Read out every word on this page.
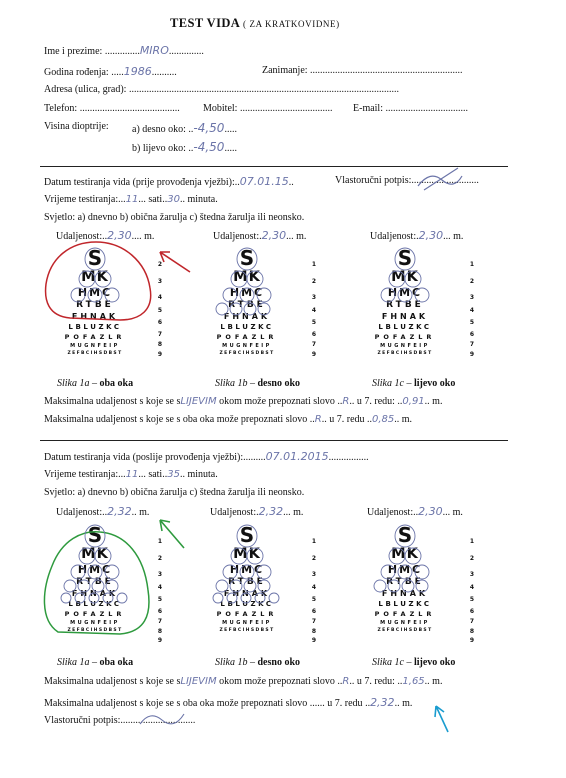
TEST VIDA ( ZA KRATKOVIDNE)
Ime i prezime: ..............MIRO..............
Godina rođenja: .....1986..........	Zanimanje: .............................................................
Adresa (ulica, grad): ............................................................................................................
Telefon: ........................................ Mobitel: ..................................... E-mail: .................................
Visina dioptrije: a) desno oko: ..-4,50.....
b) lijevo oko: ..-4,50.....
Datum testiranja vida (prije provođenja vježbi):..07.01.15..	Vlastoručni potpis:...........................
Vrijeme testiranja:...11... sati..30.. minuta.
Svjetlo: a) dnevno b) obična žarulja c) štedna žarulja ili neonsko.
Udaljenost:..2,30.... m.	Udaljenost:.2,30... m.	Udaljenost:.2,30... m.
S
MK
HMC
RTBE
FHNAK
LBLUZKC
POFAZLR
MUGNFEIP
ZEFBCIHSDBST
S
MK
HMC
RTBE
FHNAK
LBLUZKC
POFAZLR
MUGNFEIP
ZEFBCIHSDBST
S
MK
HMC
RTBE
FHNAK
LBLUZKC
POFAZLR
MUGNFEIP
ZEFBCIHSDBST
2
3
4
5
6
7
8
9
1
2
3
4
5
6
7
9
1
2
3
4
5
6
7
9
Slika 1a – oba oka	Slika 1b – desno oko	Slika 1c – lijevo oko
Maksimalna udaljenost s koje se sLIJEVIM okom može prepoznati slovo ..R.. u 7. redu: ..0,91.. m.
Maksimalna udaljenost s koje se s oba oka može prepoznati slovo ..R.. u 7. redu ..0,85.. m.
Datum testiranja vida (poslije provođenja vježbi):.........07.01.2015................
Vrijeme testiranja:...11... sati..35.. minuta.
Svjetlo: a) dnevno b) obična žarulja c) štedna žarulja ili neonsko.
Udaljenost:..2,32.. m.	Udaljenost:.2,32... m.	Udaljenost:..2,30... m.
S
MK
HMC
RTBE
FHNAK
LBLUZKC
POFAZLR
MUGNFEIP
ZEFBCIHSDBST
S
MK
HMC
RTBE
FHNAK
LBLUZKC
POFAZLR
MUGNFEIP
ZEFBCIHSDBST
S
MK
HMC
RTBE
FHNAK
LBLUZKC
POFAZLR
MUGNFEIP
ZEFBCIHSDBST
1
2
3
4
5
6
7
8
9
1
2
3
4
5
6
7
8
9
1
2
3
4
5
6
7
8
9
Slika 1a – oba oka	Slika 1b – desno oko	Slika 1c – lijevo oko
Maksimalna udaljenost s koje se sLIJEVIM okom može prepoznati slovo ..R.. u 7. redu: ..1,65.. m.
Maksimalna udaljenost s koje se s oba oka može prepoznati slovo ...... u 7. redu ..2,32.. m.
Vlastoručni potpis:..............................
